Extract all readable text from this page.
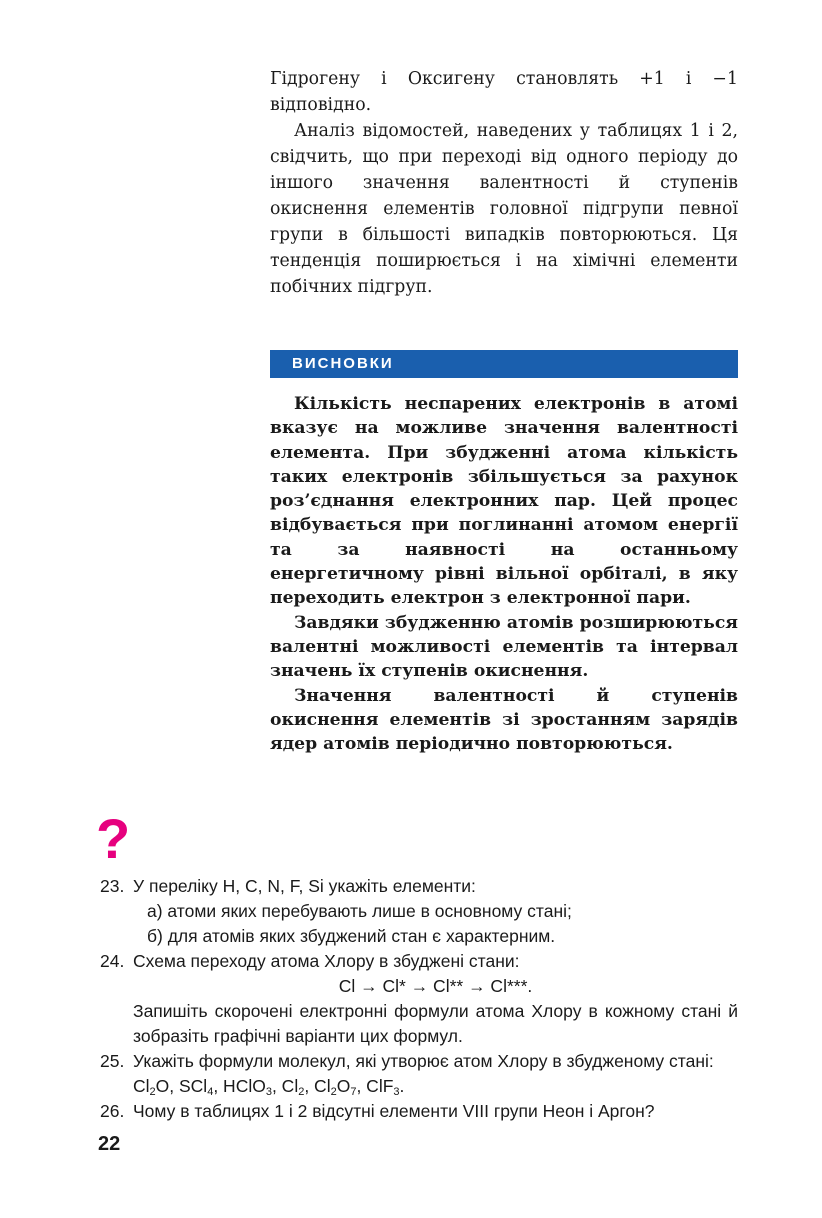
Гідрогену і Оксигену становлять +1 і −1 відповідно.

Аналіз відомостей, наведених у таблицях 1 і 2, свідчить, що при переході від одного періоду до іншого значення валентності й ступенів окиснення елементів головної підгрупи певної групи в більшості випадків повторюються. Ця тенденція поширюється і на хімічні елементи побічних підгруп.

ВИСНОВКИ

Кількість неспарених електронів в атомі вказує на можливе значення валентності елемента. При збудженні атома кількість таких електронів збільшується за рахунок роз’єднання електронних пар. Цей процес відбувається при поглинанні атомом енергії та за наявності на останньому енергетичному рівні вільної орбіталі, в яку переходить електрон з електронної пари.

Завдяки збудженню атомів розширюються валентні можливості елементів та інтервал значень їх ступенів окиснення.

Значення валентності й ступенів окиснення елементів зі зростанням зарядів ядер атомів періодично повторюються.

?
23. У переліку H, C, N, F, Si укажіть елементи:
а) атоми яких перебувають лише в основному стані;
б) для атомів яких збуджений стан є характерним.
24. Схема переходу атома Хлору в збуджені стани:
Cl → Cl* → Cl** → Cl***.
Запишіть скорочені електронні формули атома Хлору в кожному стані й зобразіть графічні варіанти цих формул.
25. Укажіть формули молекул, які утворює атом Хлору в збудженому стані:
$Cl_2O$, SCl$_4$, HClO$_3$, $Cl_2$, $Cl_2O_7$, ClF$_3$.
26. Чому в таблицях 1 і 2 відсутні елементи VIII групи Неон і Аргон?
22
